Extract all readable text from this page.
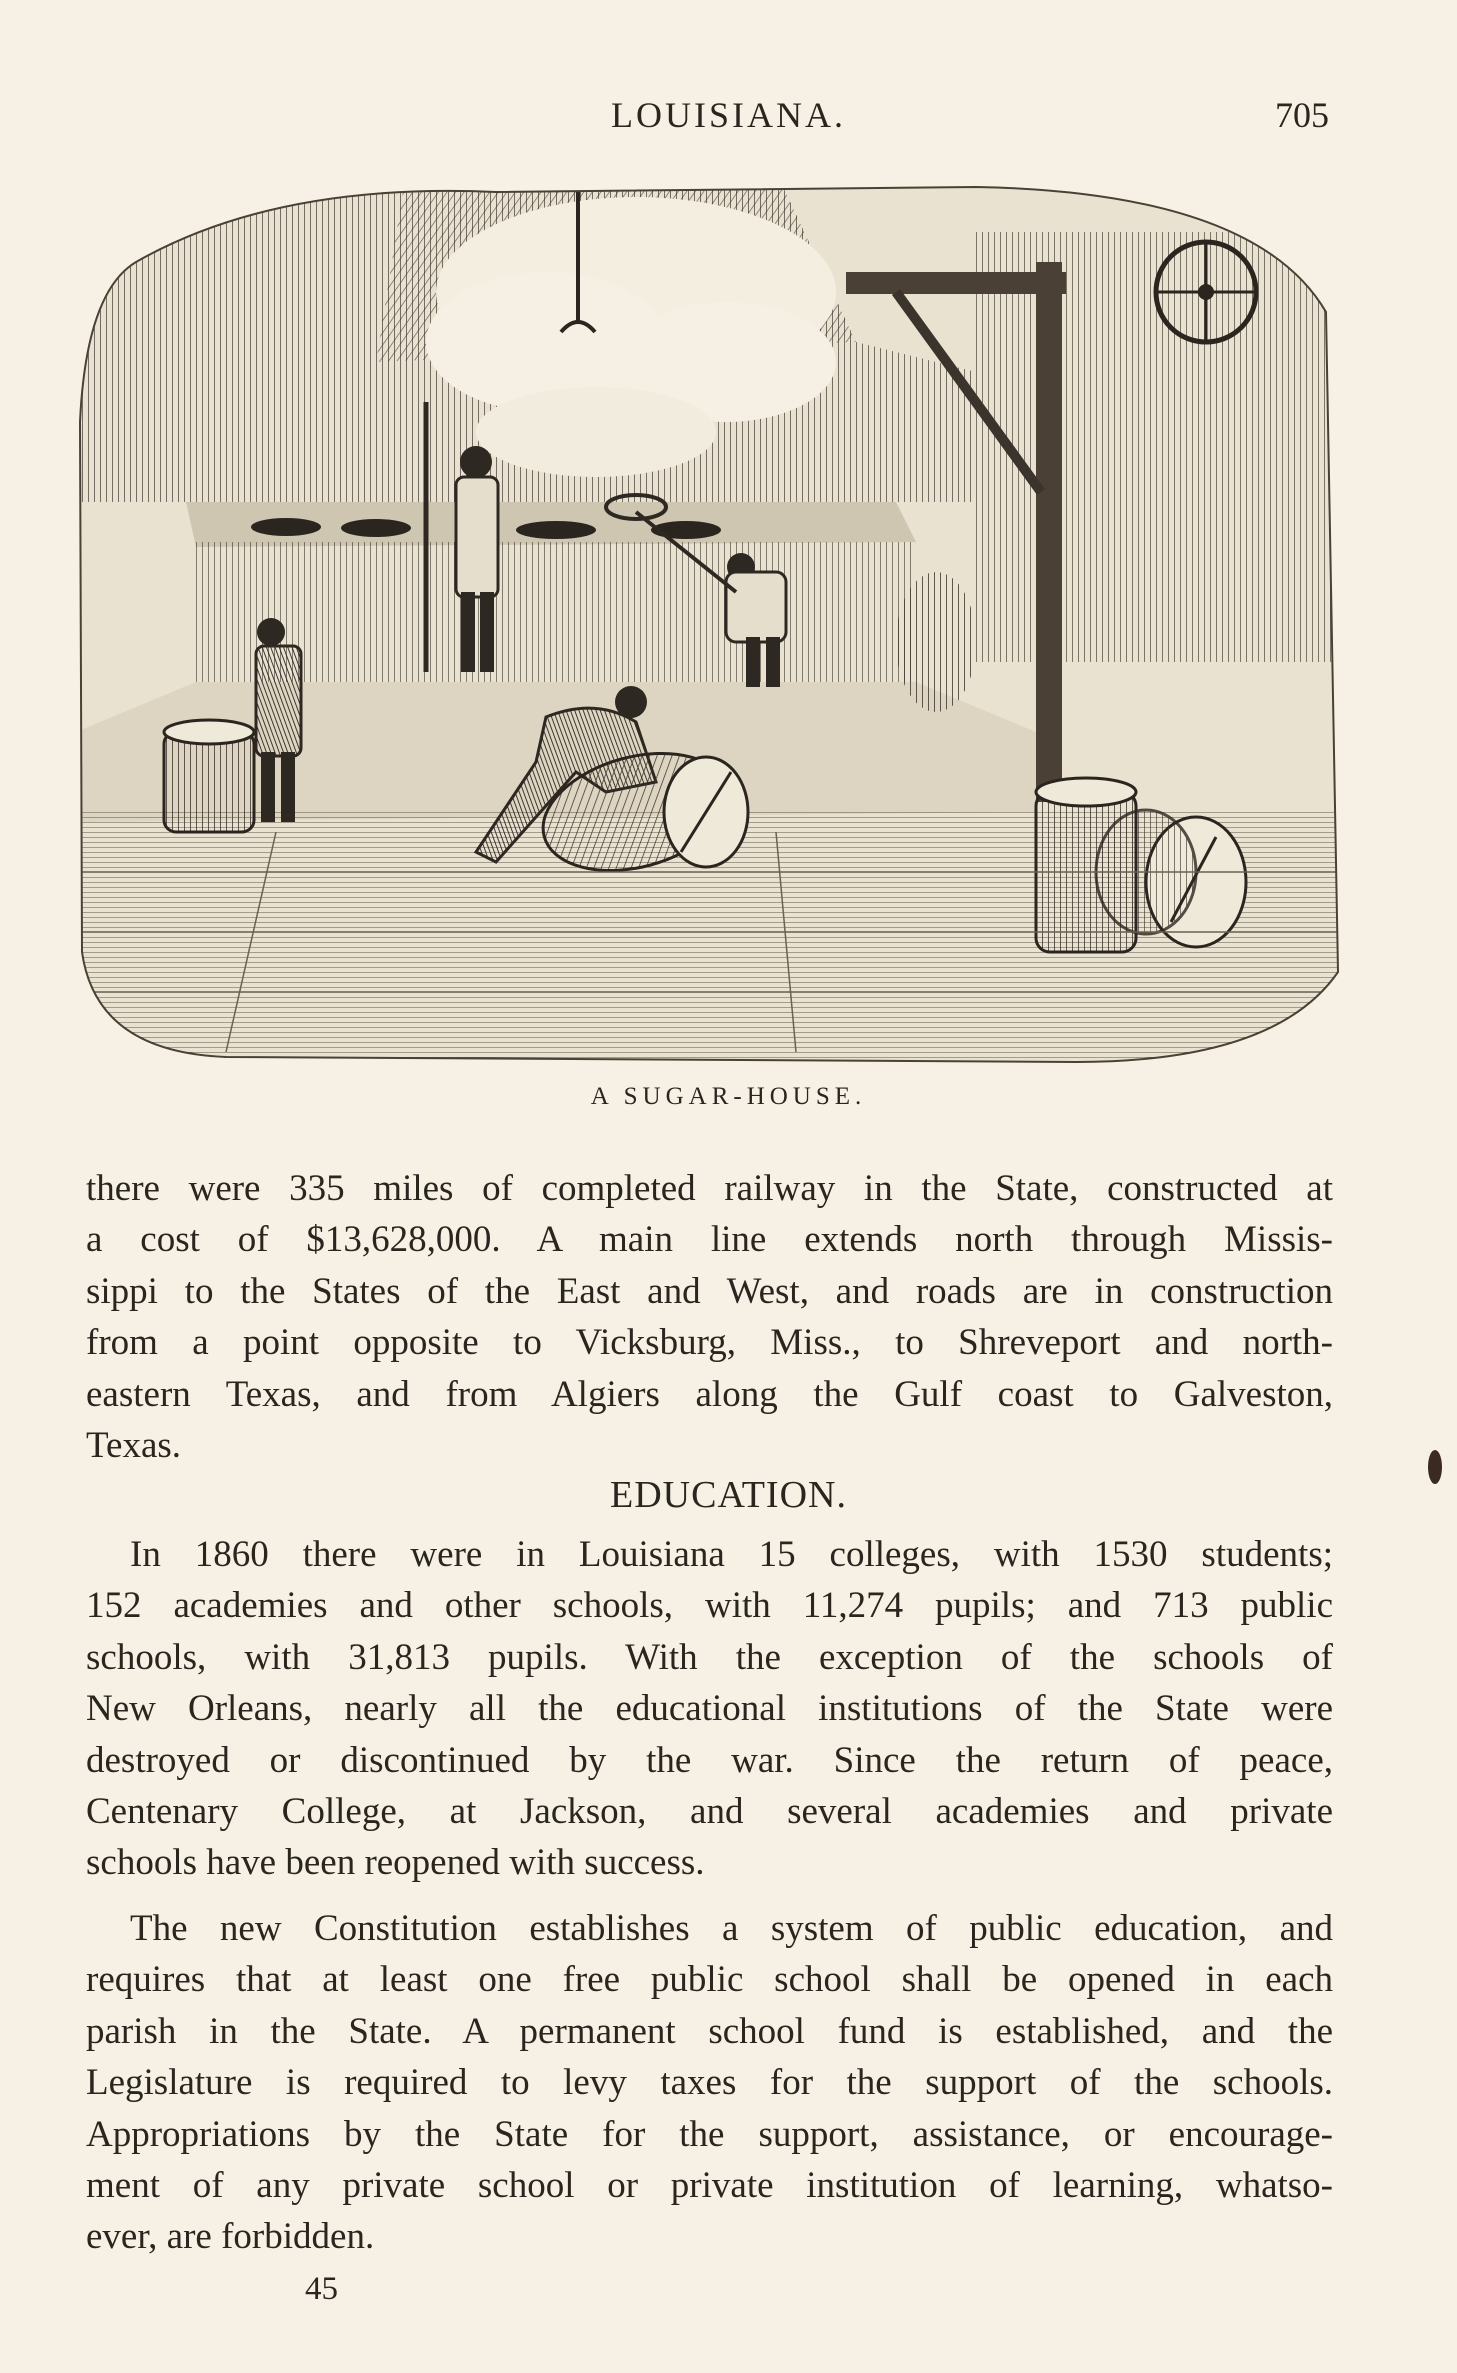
LOUISIANA.	705
A SUGAR-HOUSE.
there were 335 miles of completed railway in the State, constructed at
a cost of $13,628,000. A main line extends north through Missis-
sippi to the States of the East and West, and roads are in construction
from a point opposite to Vicksburg, Miss., to Shreveport and north-
eastern Texas, and from Algiers along the Gulf coast to Galveston,
Texas.
EDUCATION.
In 1860 there were in Louisiana 15 colleges, with 1530 students;
152 academies and other schools, with 11,274 pupils; and 713 public
schools, with 31,813 pupils. With the exception of the schools of
New Orleans, nearly all the educational institutions of the State were
destroyed or discontinued by the war. Since the return of peace,
Centenary College, at Jackson, and several academies and private
schools have been reopened with success.
The new Constitution establishes a system of public education, and
requires that at least one free public school shall be opened in each
parish in the State. A permanent school fund is established, and the
Legislature is required to levy taxes for the support of the schools.
Appropriations by the State for the support, assistance, or encourage-
ment of any private school or private institution of learning, whatso-
ever, are forbidden.
45
